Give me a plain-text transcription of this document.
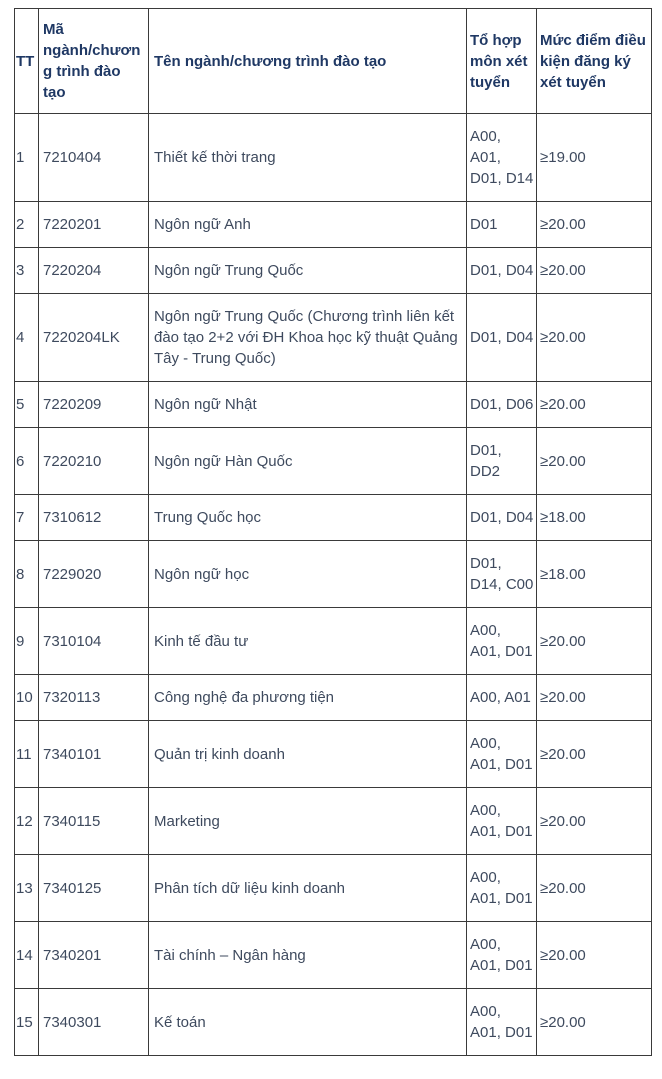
TT	Mã ngành/chương trình đào tạo	Tên ngành/chương trình đào tạo	Tổ hợp môn xét tuyển	Mức điểm điều kiện đăng ký xét tuyển
1	7210404	Thiết kế thời trang	A00, A01, D01, D14	≥19.00
2	7220201	Ngôn ngữ Anh	D01	≥20.00
3	7220204	Ngôn ngữ Trung Quốc	D01, D04	≥20.00
4	7220204LK	Ngôn ngữ Trung Quốc (Chương trình liên kết đào tạo 2+2 với ĐH Khoa học kỹ thuật Quảng Tây - Trung Quốc)	D01, D04	≥20.00
5	7220209	Ngôn ngữ Nhật	D01, D06	≥20.00
6	7220210	Ngôn ngữ Hàn Quốc	D01, DD2	≥20.00
7	7310612	Trung Quốc học	D01, D04	≥18.00
8	7229020	Ngôn ngữ học	D01, D14, C00	≥18.00
9	7310104	Kinh tế đầu tư	A00, A01, D01	≥20.00
10	7320113	Công nghệ đa phương tiện	A00, A01	≥20.00
11	7340101	Quản trị kinh doanh	A00, A01, D01	≥20.00
12	7340115	Marketing	A00, A01, D01	≥20.00
13	7340125	Phân tích dữ liệu kinh doanh	A00, A01, D01	≥20.00
14	7340201	Tài chính – Ngân hàng	A00, A01, D01	≥20.00
15	7340301	Kế toán	A00, A01, D01	≥20.00
